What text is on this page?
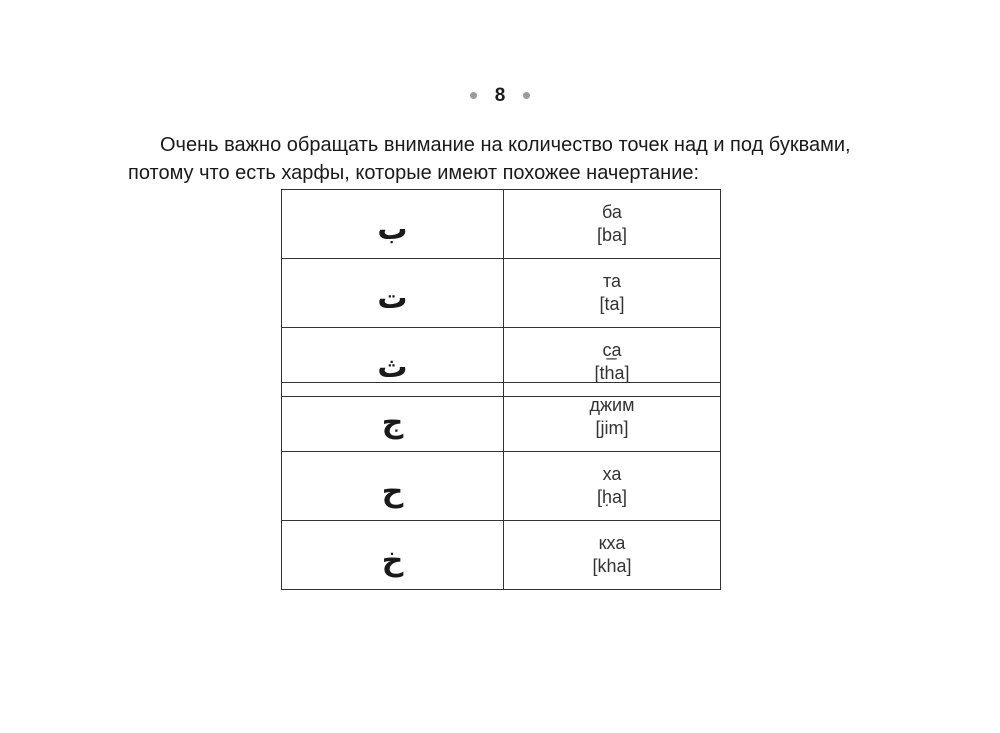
8
Очень важно обращать внимание на количество точек над и под буквами,
потому что есть харфы, которые имеют похожее начертание:
ب	ба
[ba]

ت	та
[ta]

ث	с̲а
[tha]
ج	джим
[jim]

ح	ха
[ḥa]

خ	кха
[kha]
